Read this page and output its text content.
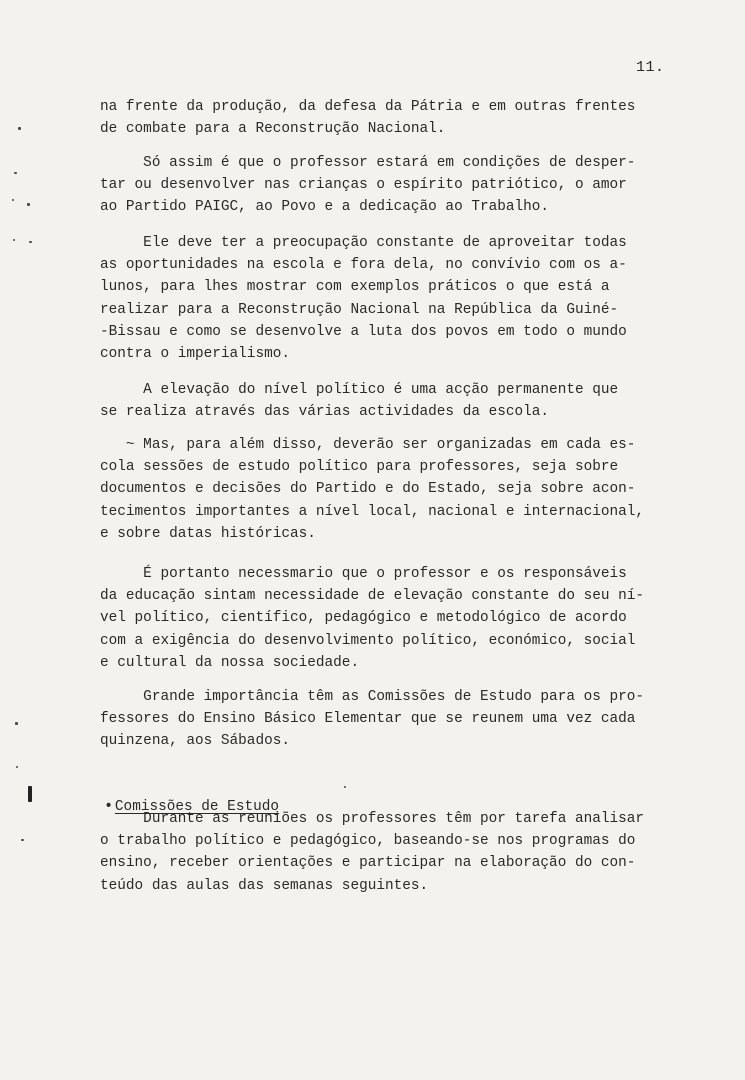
11.
na frente da produção, da defesa da Pátria e em outras frentes
de combate para a Reconstrução Nacional.
Só assim é que o professor estará em condições de desper-
tar ou desenvolver nas crianças o espírito patriótico, o amor
ao Partido PAIGC, ao Povo e a dedicação ao Trabalho.
Ele deve ter a preocupação constante de aproveitar todas
as oportunidades na escola e fora dela, no convívio com os a-
lunos, para lhes mostrar com exemplos práticos o que está a
realizar para a Reconstrução Nacional na República da Guiné-
-Bissau e como se desenvolve a luta dos povos em todo o mundo
contra o imperialismo.
A elevação do nível político é uma acção permanente que
se realiza através das várias actividades da escola.
~ Mas, para além disso, deverão ser organizadas em cada es-
cola sessões de estudo político para professores, seja sobre
documentos e decisões do Partido e do Estado, seja sobre acon-
tecimentos importantes a nível local, nacional e internacional,
e sobre datas históricas.
É portanto necessmario que o professor e os responsáveis
da educação sintam necessidade de elevação constante do seu ní-
vel político, científico, pedagógico e metodológico de acordo
com a exigência do desenvolvimento político, económico, social
e cultural da nossa sociedade.
Grande importância têm as Comissões de Estudo para os pro-
fessores do Ensino Básico Elementar que se reunem uma vez cada
quinzena, aos Sábados.

• Comissões de Estudo

Durante as reuniões os professores têm por tarefa analisar
o trabalho político e pedagógico, baseando-se nos programas do
ensino, receber orientações e participar na elaboração do con-
teúdo das aulas das semanas seguintes.
